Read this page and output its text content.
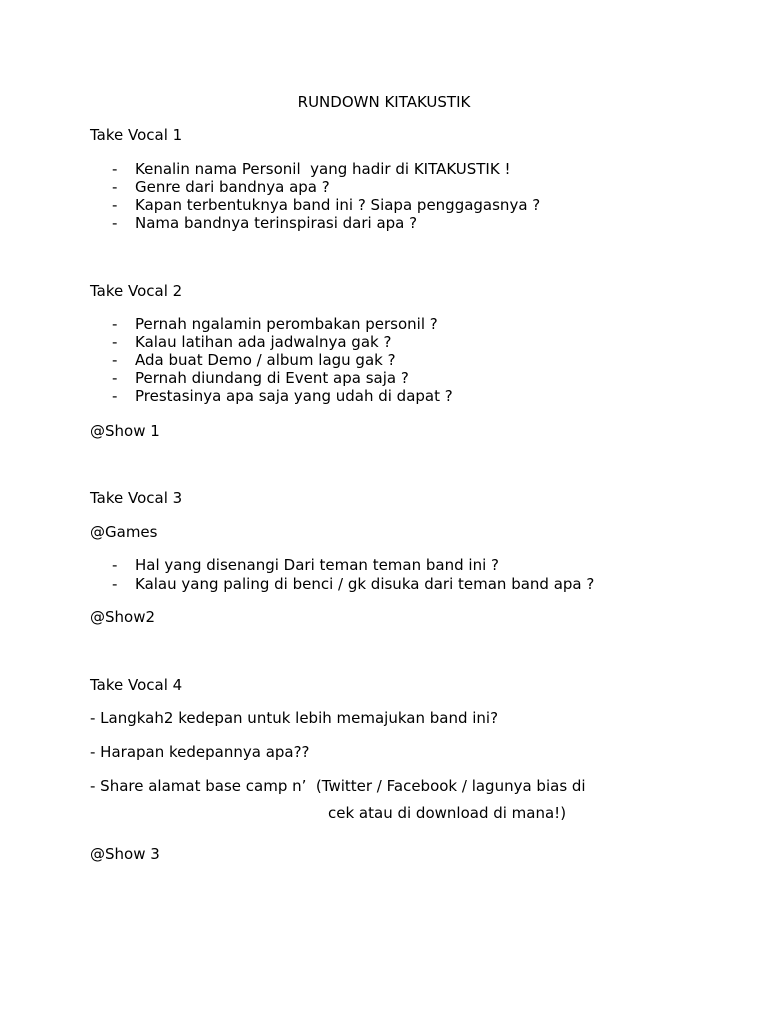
RUNDOWN KITAKUSTIK

Take Vocal 1

- Kenalin nama Personil  yang hadir di KITAKUSTIK !

- Genre dari bandnya apa ?

- Kapan terbentuknya band ini ? Siapa penggagasnya ?

- Nama bandnya terinspirasi dari apa ?

Take Vocal 2

- Pernah ngalamin perombakan personil ?

- Kalau latihan ada jadwalnya gak ?

- Ada buat Demo / album lagu gak ?

- Pernah diundang di Event apa saja ?

- Prestasinya apa saja yang udah di dapat ?

@Show 1

Take Vocal 3

@Games

- Hal yang disenangi Dari teman teman band ini ?

- Kalau yang paling di benci / gk disuka dari teman band apa ?

@Show2

Take Vocal 4

- Langkah2 kedepan untuk lebih memajukan band ini?

- Harapan kedepannya apa??

- Share alamat base camp n’  (Twitter / Facebook / lagunya bias di

cek atau di download di mana!)

@Show 3
